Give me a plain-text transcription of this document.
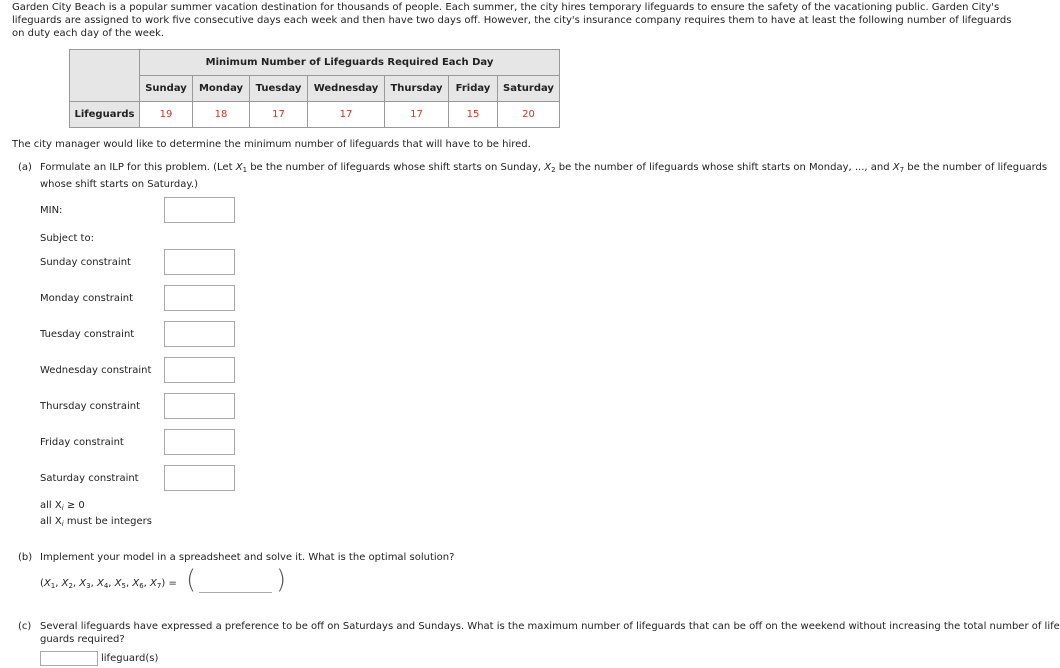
Garden City Beach is a popular summer vacation destination for thousands of people. Each summer, the city hires temporary lifeguards to ensure the safety of the vacationing public. Garden City's lifeguards are assigned to work five consecutive days each week and then have two days off. However, the city's insurance company requires them to have at least the following number of lifeguards on duty each day of the week.

	Minimum Number of Lifeguards Required Each Day						
	Sunday	Monday	Tuesday	Wednesday	Thursday	Friday	Saturday
Lifeguards	19	18	17	17	17	15	20

The city manager would like to determine the minimum number of lifeguards that will have to be hired.

(a) Formulate an ILP for this problem. (Let $X_1$ be the number of lifeguards whose shift starts on Sunday, $X_2$ be the number of lifeguards whose shift starts on Monday, ..., and $X_7$ be the number of lifeguards

whose shift starts on Saturday.)

MIN:
Subject to:
Sunday constraint
Monday constraint
Tuesday constraint
Wednesday constraint
Thursday constraint
Friday constraint
Saturday constraint

all $X_i \ge 0$

all $X_i$ must be integers

(b) Implement your model in a spreadsheet and solve it. What is the optimal solution?

($X_1$, $X_2$, $X_3$, $X_4$, $X_5$, $X_6$, $X_7$) = (	)
(c) Several lifeguards have expressed a preference to be off on Saturdays and Sundays. What is the maximum number of lifeguards that can be off on the weekend without increasing the total number of life

guards required?

lifeguard(s)
